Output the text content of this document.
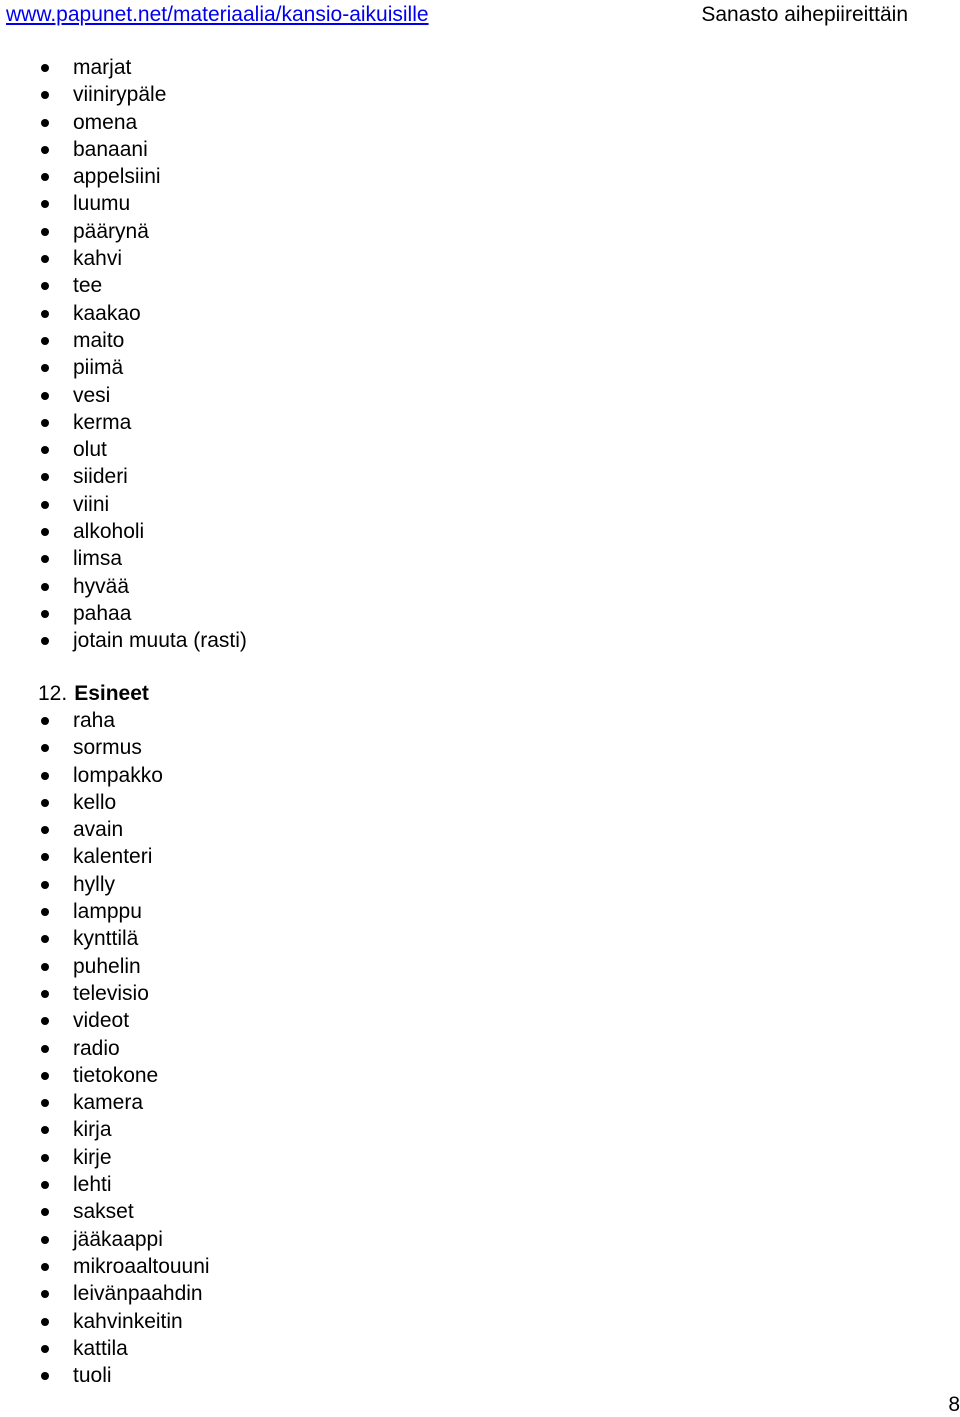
www.papunet.net/materiaalia/kansio-aikuisille	Sanasto aihepiireittäin
marjat
viinirypäle
omena
banaani
appelsiini
luumu
päärynä
kahvi
tee
kaakao
maito
piimä
vesi
kerma
olut
siideri
viini
alkoholi
limsa
hyvää
pahaa
jotain muuta (rasti)
12. Esineet
raha
sormus
lompakko
kello
avain
kalenteri
hylly
lamppu
kynttilä
puhelin
televisio
videot
radio
tietokone
kamera
kirja
kirje
lehti
sakset
jääkaappi
mikroaaltouuni
leivänpaahdin
kahvinkeitin
kattila
tuoli
8
